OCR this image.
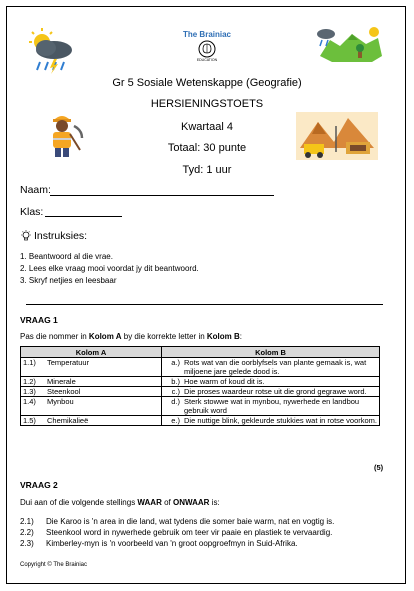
The Brainiac
EDUCATION
Gr 5 Sosiale Wetenskappe (Geografie)
HERSIENINGSTOETS
Kwartaal 4
Totaal: 30 punte
Tyd: 1 uur
Naam:
Klas:
Instruksies:
1. Beantwoord al die vrae.
2. Lees elke vraag mooi voordat jy dit beantwoord.
3. Skryf netjies en leesbaar
VRAAG 1
Pas die nommer in Kolom A by die korrekte letter in Kolom B:
Kolom A		Kolom B	
1.1)	Temperatuur	a.)	Rots wat van die oorblyfsels van plante gemaak is, wat miljoene jare gelede dood is.
1.2)	Minerale	b.)	Hoe warm of koud dit is.
1.3)	Steenkool	c.)	Die proses waardeur rotse uit die grond gegrawe word.
1.4)	Mynbou	d.)	Sterk stowwe wat in mynbou, nywerhede en landbou gebruik word
1.5)	Chemikalieë	e.)	Die nuttige blink, gekleurde stukkies wat in rotse voorkom.
(5)
VRAAG 2
Dui aan of die volgende stellings WAAR of ONWAAR is:
2.1)	Die Karoo is 'n area in die land, wat tydens die somer baie warm, nat en vogtig is.
2.2)	Steenkool word in nywerhede gebruik om teer vir paaie en plastiek te vervaardig.
2.3)	Kimberley-myn is 'n voorbeeld van 'n groot oopgroefmyn in Suid-Afrika.
Copyright © The Brainiac
